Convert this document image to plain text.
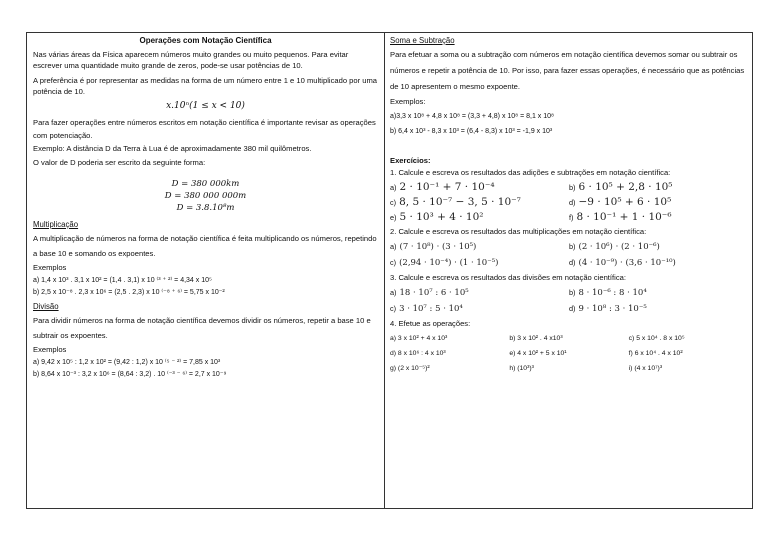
Operações com Notação Científica

Nas várias áreas da Física aparecem números muito grandes ou muito pequenos. Para evitar escrever uma quantidade muito grande de zeros, pode-se usar potências de 10.

A preferência é por representar as medidas na forma de um número entre 1 e 10 multiplicado por uma potência de 10.

x.10ⁿ(1 ≤ x < 10)

Para fazer operações entre números escritos em notação científica é importante revisar as operações com potenciação.

Exemplo: A distância D da Terra à Lua é de aproximadamente 380 mil quilômetros.

O valor de D poderia ser escrito da seguinte forma:

D = 380 000km

D = 380 000 000m

D = 3.8.10⁸m

Multiplicação

A multiplicação de números na forma de notação científica é feita multiplicando os números, repetindo a base 10 e somando os expoentes.

Exemplos

a) 1,4 x 10³ . 3,1 x 10² = (1,4 . 3,1) x 10 ⁽³ ⁺ ²⁾ = 4,34 x 10⁵

b) 2,5 x 10⁻⁸ . 2,3 x 10⁶ = (2,5 . 2,3) x 10 ⁽⁻⁸ ⁺ ⁶⁾ = 5,75 x 10⁻²

Divisão

Para dividir números na forma de notação científica devemos dividir os números, repetir a base 10 e subtrair os expoentes.

Exemplos

a) 9,42 x 10⁵ : 1,2 x 10² = (9,42 : 1,2) x 10 ⁽⁵ ⁻ ²⁾ = 7,85 x 10³

b) 8,64 x 10⁻³ : 3,2 x 10⁶ = (8,64 : 3,2) . 10 ⁽⁻³ ⁻ ⁶⁾ = 2,7 x 10⁻⁹

Soma e Subtração

Para efetuar a soma ou a subtração com números em notação científica devemos somar ou subtrair os números e repetir a potência de 10. Por isso, para fazer essas operações, é necessário que as potências de 10 apresentem o mesmo expoente.

Exemplos:

a)3,3 x 10⁸ + 4,8 x 10⁸ = (3,3 + 4,8) x 10⁸ = 8,1 x 10⁸

b) 6,4 x 10³ - 8,3 x 10³ = (6,4 - 8,3) x 10³ = -1,9 x 10³

Exercícios:

1. Calcule e escreva os resultados das adições e subtrações em notação científica:

a) 2 · 10⁻¹ + 7 · 10⁻⁴	b) 6 · 10⁵ + 2,8 · 10⁵
c) 8, 5 · 10⁻⁷ − 3, 5 · 10⁻⁷	d) −9 · 10⁵ + 6 · 10⁵
e) 5 · 10³ + 4 · 10²	f) 8 · 10⁻¹ + 1 · 10⁻⁶

2. Calcule e escreva os resultados das multiplicações em notação científica:

a) (7 · 10⁸) · (3 · 10⁵)	b) (2 · 10⁶) · (2 · 10⁻⁶)
c) (2,94 · 10⁻⁴) · (1 · 10⁻⁵)	d) (4 · 10⁻⁹) · (3,6 · 10⁻¹⁰)

3. Calcule e escreva os resultados das divisões em notação científica:

a) 18 · 10⁷ : 6 · 10⁵	b) 8 · 10⁻⁶ : 8 · 10⁴
c) 3 · 10⁷ : 5 · 10⁴	d) 9 · 10⁸ : 3 · 10⁻⁵

4. Efetue as operações:

a) 3 x 10² + 4 x 10³	b) 3 x 10² . 4 x10³	c) 5 x 10⁴ . 8 x 10⁵
d) 8 x 10⁶ : 4 x 10³	e) 4 x 10² + 5 x 10¹	f) 6 x 10⁴ . 4 x 10²
g) (2 x 10⁻⁵)²	h) (10³)³	i) (4 x 10⁷)³
